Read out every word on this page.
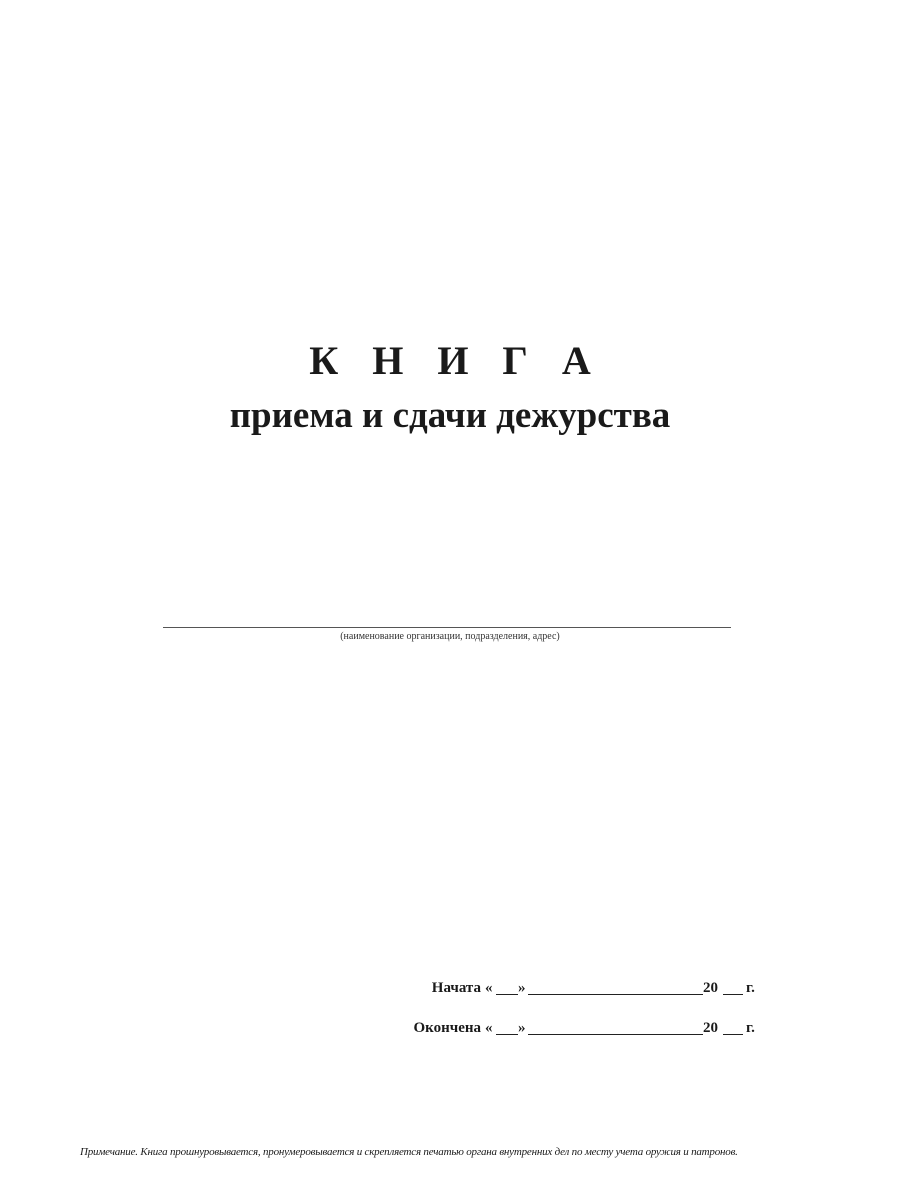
К Н И Г А
приема и сдачи дежурства
(наименование организации, подразделения, адрес)
Начата « »	20 г.
Окончена « »	20 г.
Примечание. Книга прошнуровывается, пронумеровывается и скрепляется печатью органа внутренних дел по месту учета оружия и патронов.
